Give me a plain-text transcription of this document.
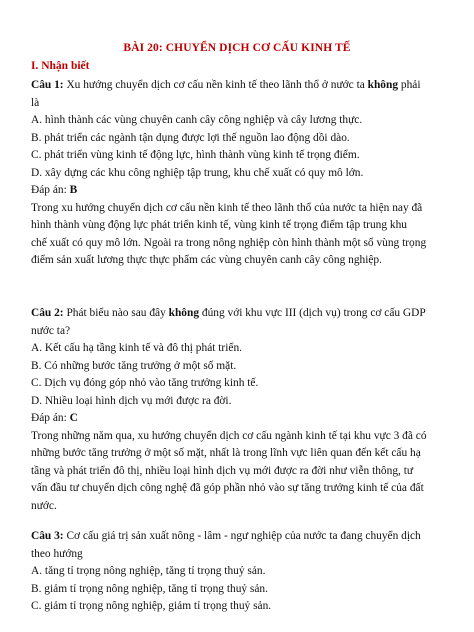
BÀI 20: CHUYỂN DỊCH CƠ CẤU KINH TẾ
I. Nhận biết
Câu 1: Xu hướng chuyển dịch cơ cấu nền kinh tế theo lãnh thổ ở nước ta không phải
là
A. hình thành các vùng chuyên canh cây công nghiệp và cây lương thực.
B. phát triển các ngành tận dụng được lợi thế nguồn lao động dồi dào.
C. phát triển vùng kinh tế động lực, hình thành vùng kinh tế trọng điểm.
D. xây dựng các khu công nghiệp tập trung, khu chế xuất có quy mô lớn.
Đáp án: B
Trong xu hướng chuyển dịch cơ cấu nền kinh tế theo lãnh thổ của nước ta hiện nay đã
hình thành vùng động lực phát triển kinh tế, vùng kinh tế trọng điểm tập trung khu
chế xuất có quy mô lớn. Ngoài ra trong nông nghiệp còn hình thành một số vùng trọng
điểm sản xuất lương thực thực phẩm các vùng chuyên canh cây công nghiệp.
Câu 2: Phát biểu nào sau đây không đúng với khu vực III (dịch vụ) trong cơ cấu GDP
nước ta?
A. Kết cấu hạ tầng kinh tế và đô thị phát triển.
B. Có những bước tăng trưởng ở một số mặt.
C. Dịch vụ đóng góp nhỏ vào tăng trưởng kinh tế.
D. Nhiều loại hình dịch vụ mới được ra đời.
Đáp án: C
Trong những năm qua, xu hướng chuyển dịch cơ cấu ngành kinh tế tại khu vực 3 đã có
những bước tăng trưởng ở một số mặt, nhất là trong lĩnh vực liên quan đến kết cấu hạ
tầng và phát triển đô thị, nhiều loại hình dịch vụ mới được ra đời như viễn thông, tư
vấn đầu tư chuyển dịch công nghệ đã góp phần nhỏ vào sự tăng trưởng kinh tế của đất
nước.
Câu 3: Cơ cấu giá trị sản xuất nông - lâm - ngư nghiệp của nước ta đang chuyển dịch
theo hướng
A. tăng tỉ trọng nông nghiệp, tăng tỉ trọng thuỷ sản.
B. giảm tỉ trọng nông nghiệp, tăng tỉ trọng thuỷ sản.
C. giảm tỉ trọng nông nghiệp, giảm tỉ trọng thuỷ sản.
